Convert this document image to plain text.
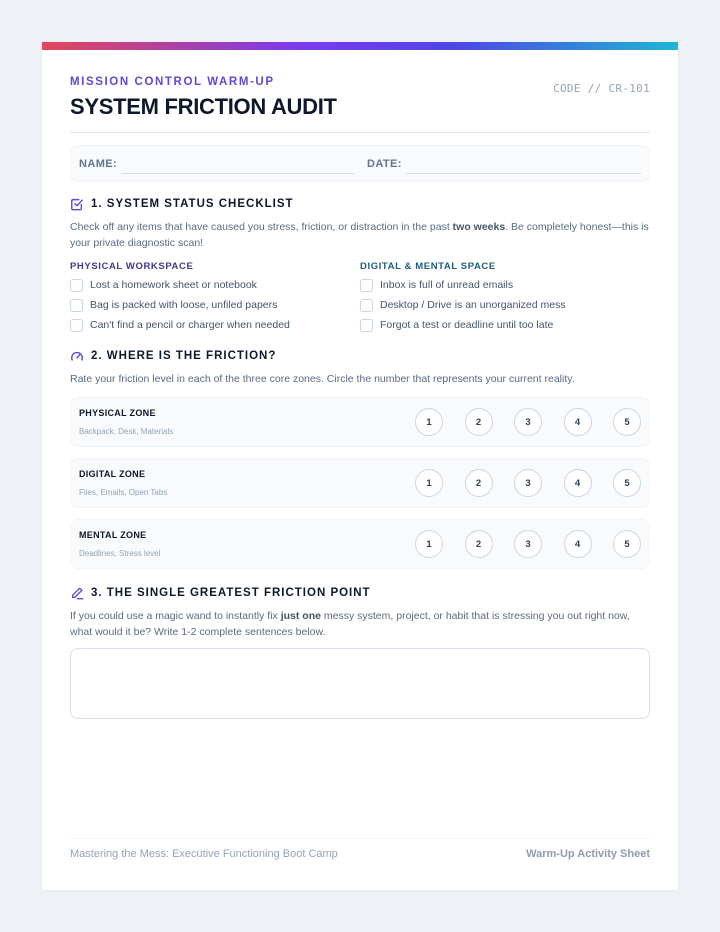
MISSION CONTROL WARM-UP
SYSTEM FRICTION AUDIT
CODE // CR-101
NAME:	DATE:
1. SYSTEM STATUS CHECKLIST

Check off any items that have caused you stress, friction, or distraction in the past two weeks. Be completely honest—this is your private diagnostic scan!

PHYSICAL WORKSPACE
Lost a homework sheet or notebook
Bag is packed with loose, unfiled papers
Can't find a pencil or charger when needed
DIGITAL & MENTAL SPACE
Inbox is full of unread emails
Desktop / Drive is an unorganized mess
Forgot a test or deadline until too late
2. WHERE IS THE FRICTION?

Rate your friction level in each of the three core zones. Circle the number that represents your current reality.

PHYSICAL ZONE
Backpack, Desk, Materials
1	2	3	4	5
DIGITAL ZONE
Files, Emails, Open Tabs
1	2	3	4	5
MENTAL ZONE
Deadlines, Stress level
1	2	3	4	5
3. THE SINGLE GREATEST FRICTION POINT

If you could use a magic wand to instantly fix just one messy system, project, or habit that is stressing you out right now, what would it be? Write 1-2 complete sentences below.

Mastering the Mess: Executive Functioning Boot Camp	Warm-Up Activity Sheet
